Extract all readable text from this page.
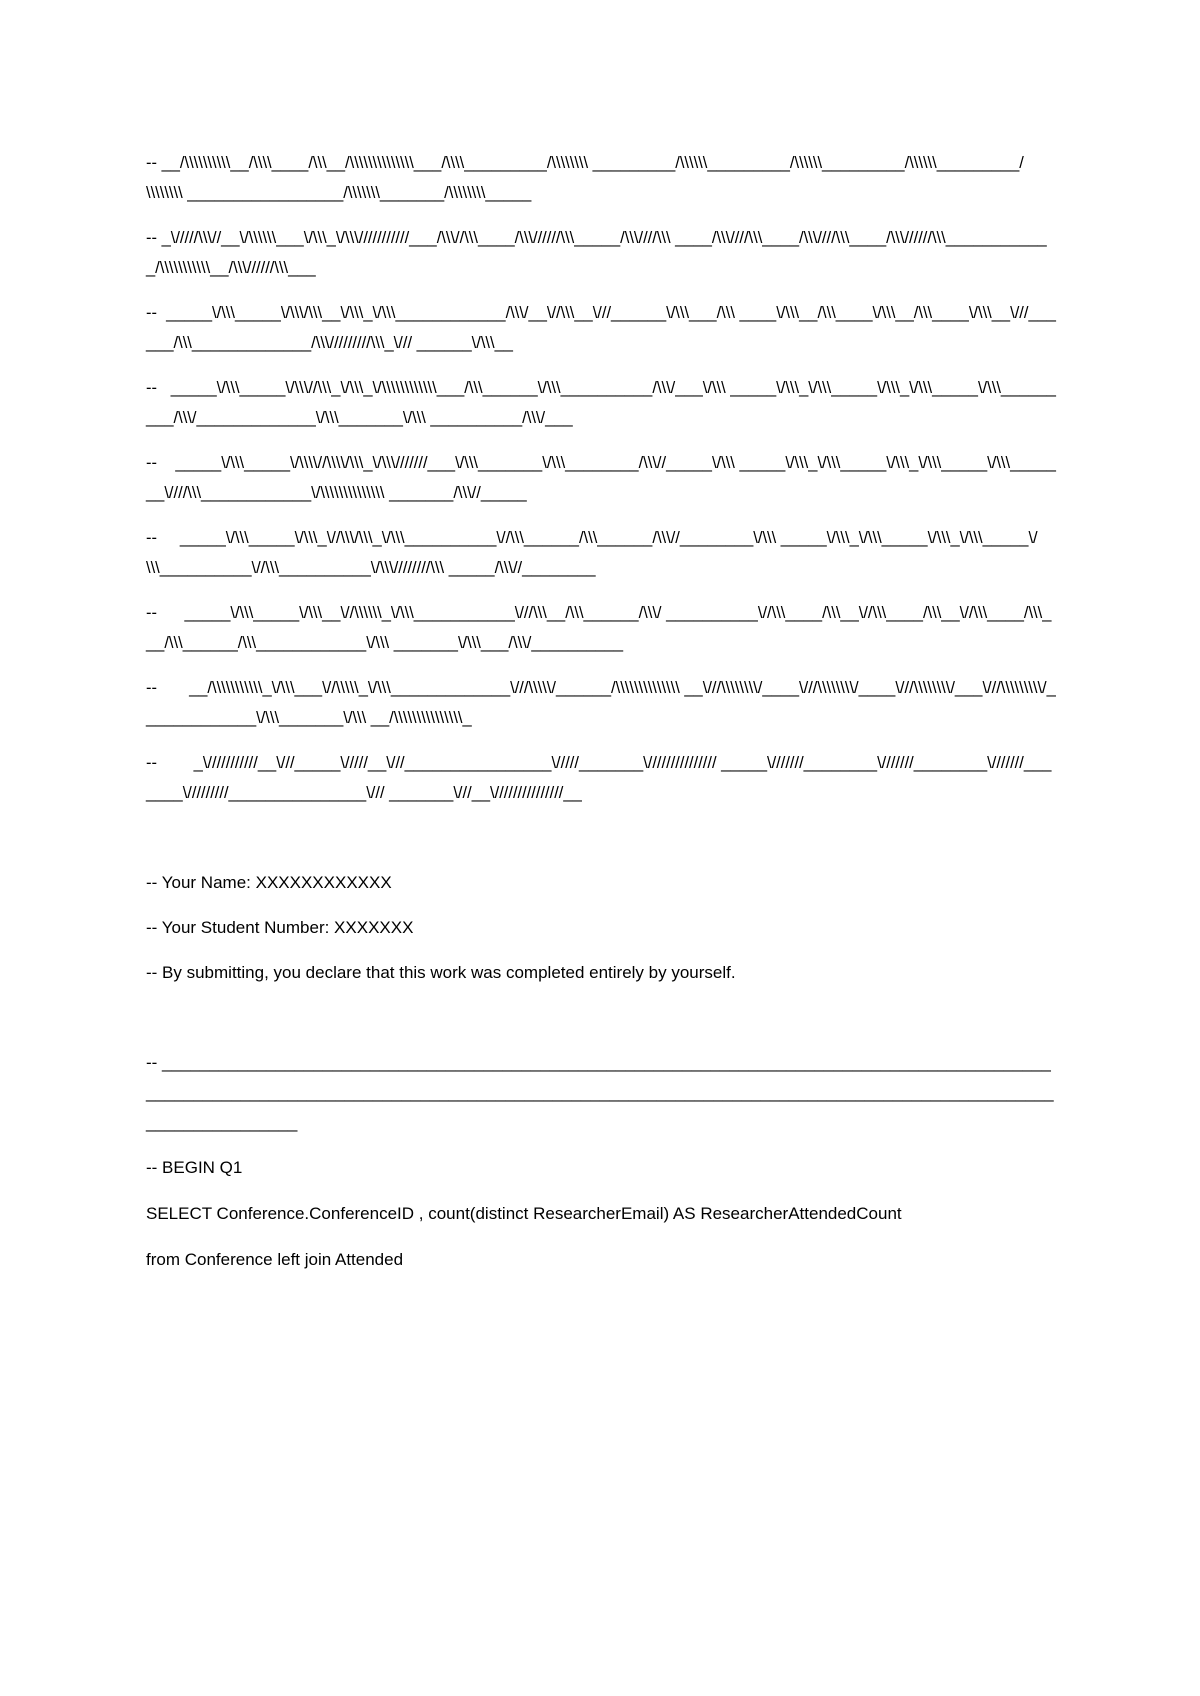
-- __/\\\\\\\\\\__/\\\\____/\\\__/\\\\\\\\\\\\\\___/\\\\_________/\\\\\\\\ _________/\\\\\\_________/\\\\\\_________/\\\\\\_________/\\\\\\\\ _________________/\\\\\\\_______/\\\\\\\\_____

-- _\/////\\\//__\/\\\\\\___\/\\\_\/\\\///////////___/\\\//\\\____/\\\//////\\\_____/\\\////\\\ ____/\\\////\\\____/\\\////\\\____/\\\//////\\\____________/\\\\\\\\\\\__/\\\//////\\\___

--  _____\/\\\_____\/\\\/\\\__\/\\\_\/\\\____________/\\\/__\//\\\__\///______\/\\\___/\\\ ____\/\\\__/\\\____\/\\\__/\\\____\/\\\__\///______/\\\_____________/\\\/////////\\\_\/// ______\/\\\__

--   _____\/\\\_____\/\\\//\\\_\/\\\_\/\\\\\\\\\\\\___/\\\______\/\\\__________/\\\/___\/\\\ _____\/\\\_\/\\\_____\/\\\_\/\\\_____\/\\\_________/\\\/_____________\/\\\_______\/\\\ __________/\\\/___

--    _____\/\\\_____\/\\\\//\\\\/\\\_\/\\\///////___\/\\\_______\/\\\________/\\\//_____\/\\\ _____\/\\\_\/\\\_____\/\\\_\/\\\_____\/\\\_______\////\\\____________\/\\\\\\\\\\\\\\ _______/\\\//_____

--     _____\/\\\_____\/\\\_\//\\\/\\\_\/\\\__________\//\\\______/\\\______/\\\//________\/\\\ _____\/\\\_\/\\\_____\/\\\_\/\\\_____\/\\\__________\//\\\__________\/\\\////////\\\ _____/\\\//________

--      _____\/\\\_____\/\\\__\//\\\\\\_\/\\\___________\///\\\__/\\\______/\\\/ __________\//\\\____/\\\__\//\\\____/\\\__\//\\\____/\\\___/\\\______/\\\____________\/\\\ _______\/\\\___/\\\/__________

--       __/\\\\\\\\\\\_\/\\\___\//\\\\\_\/\\\_____________\///\\\\\/______/\\\\\\\\\\\\\\ __\///\\\\\\\\/____\///\\\\\\\\/____\///\\\\\\\\/___\///\\\\\\\\\/_____________\/\\\_______\/\\\ __/\\\\\\\\\\\\\\\_

--        _\///////////__\///_____\/////__\///________________\/////_______\/////////////// _____\///////________\///////________\///////_______\/////////_______________\/// _______\///__\///////////////__

-- Your Name: XXXXXXXXXXXX

-- Your Student Number: XXXXXXX

-- By submitting, you declare that this work was completed entirely by yourself.

-- ______________________________________________________________________________________________________________________________________________________________________________________________________________

-- BEGIN Q1

SELECT Conference.ConferenceID , count(distinct ResearcherEmail) AS ResearcherAttendedCount

from Conference left join Attended
